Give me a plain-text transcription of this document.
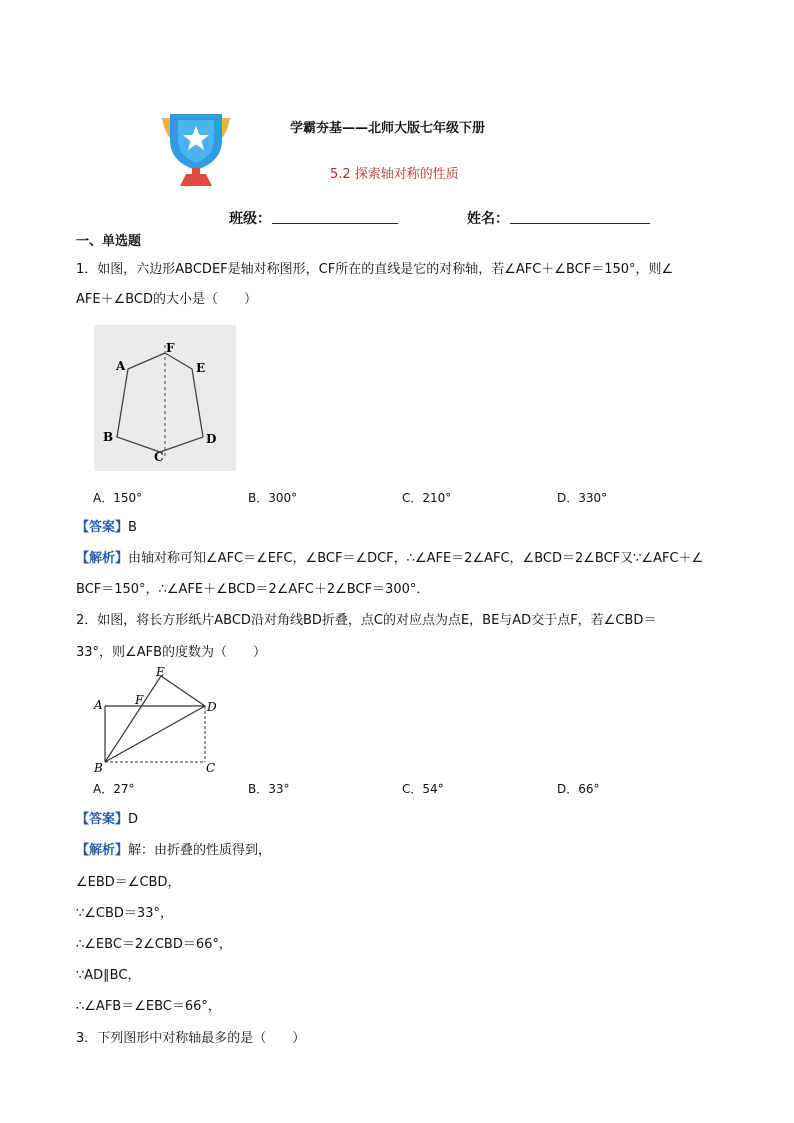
学霸夯基——北师大版七年级下册
5.2 探索轴对称的性质
班级：	姓名：
一、单选题
1．如图，六边形ABCDEF是轴对称图形，CF所在的直线是它的对称轴，若∠AFC＋∠BCF＝150°，则∠
AFE＋∠BCD的大小是（　　）
F
A	E
B	D
C
A．150°	B．300°	C．210°	D．330°
【答案】B
【解析】由轴对称可知∠AFC＝∠EFC，∠BCF＝∠DCF，∴∠AFE＝2∠AFC，∠BCD＝2∠BCF又∵∠AFC＋∠
BCF＝150°，∴∠AFE＋∠BCD＝2∠AFC＋2∠BCF＝300°．
2．如图，将长方形纸片ABCD沿对角线BD折叠，点C的对应点为点E，BE与AD交于点F，若∠CBD＝
33°，则∠AFB的度数为（　　）
E
F
A	D
B	C
A．27°	B．33°	C．54°	D．66°
【答案】D
【解析】解：由折叠的性质得到，
∠EBD＝∠CBD，
∵∠CBD＝33°，
∴∠EBC＝2∠CBD＝66°，
∵AD∥BC，
∴∠AFB＝∠EBC＝66°，
3．下列图形中对称轴最多的是（　　）
